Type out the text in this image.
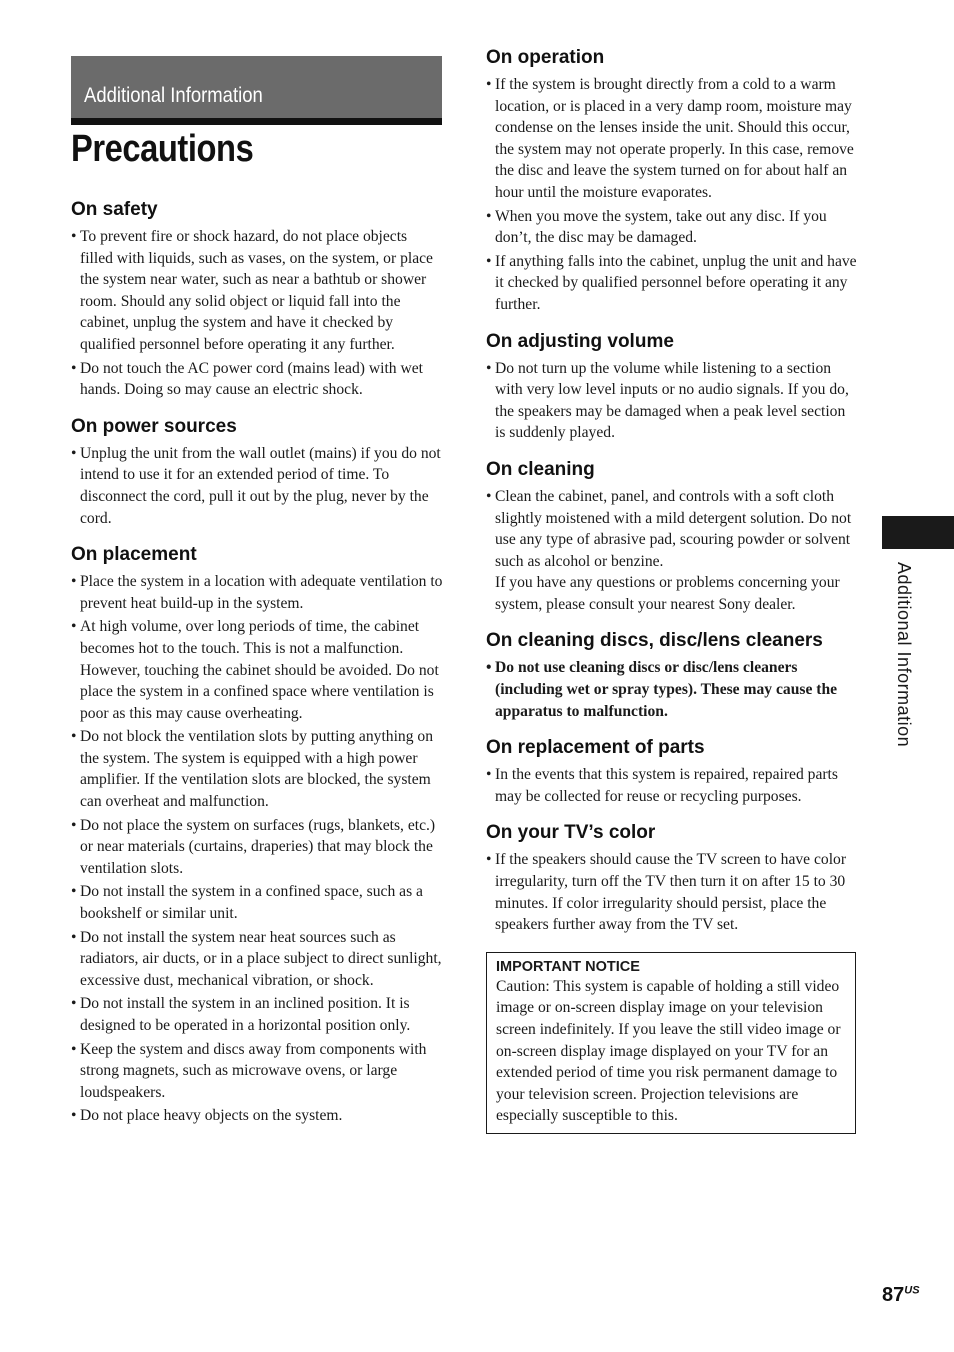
Additional Information
Precautions
On safety
• To prevent fire or shock hazard, do not place objects filled with liquids, such as vases, on the system, or place the system near water, such as near a bathtub or shower room. Should any solid object or liquid fall into the cabinet, unplug the system and have it checked by qualified personnel before operating it any further.
• Do not touch the AC power cord (mains lead) with wet hands. Doing so may cause an electric shock.
On power sources
• Unplug the unit from the wall outlet (mains) if you do not intend to use it for an extended period of time. To disconnect the cord, pull it out by the plug, never by the cord.
On placement
• Place the system in a location with adequate ventilation to prevent heat build-up in the system.
• At high volume, over long periods of time, the cabinet becomes hot to the touch. This is not a malfunction. However, touching the cabinet should be avoided. Do not place the system in a confined space where ventilation is poor as this may cause overheating.
• Do not block the ventilation slots by putting anything on the system. The system is equipped with a high power amplifier. If the ventilation slots are blocked, the system can overheat and malfunction.
• Do not place the system on surfaces (rugs, blankets, etc.) or near materials (curtains, draperies) that may block the ventilation slots.
• Do not install the system in a confined space, such as a bookshelf or similar unit.
• Do not install the system near heat sources such as radiators, air ducts, or in a place subject to direct sunlight, excessive dust, mechanical vibration, or shock.
• Do not install the system in an inclined position. It is designed to be operated in a horizontal position only.
• Keep the system and discs away from components with strong magnets, such as microwave ovens, or large loudspeakers.
• Do not place heavy objects on the system.
On operation
• If the system is brought directly from a cold to a warm location, or is placed in a very damp room, moisture may condense on the lenses inside the unit. Should this occur, the system may not operate properly. In this case, remove the disc and leave the system turned on for about half an hour until the moisture evaporates.
• When you move the system, take out any disc. If you don’t, the disc may be damaged.
• If anything falls into the cabinet, unplug the unit and have it checked by qualified personnel before operating it any further.
On adjusting volume
• Do not turn up the volume while listening to a section with very low level inputs or no audio signals. If you do, the speakers may be damaged when a peak level section is suddenly played.
On cleaning
• Clean the cabinet, panel, and controls with a soft cloth slightly moistened with a mild detergent solution. Do not use any type of abrasive pad, scouring powder or solvent such as alcohol or benzine.
If you have any questions or problems concerning your system, please consult your nearest Sony dealer.
On cleaning discs, disc/lens cleaners
• Do not use cleaning discs or disc/lens cleaners (including wet or spray types). These may cause the apparatus to malfunction.
On replacement of parts
• In the events that this system is repaired, repaired parts may be collected for reuse or recycling purposes.
On your TV’s color
• If the speakers should cause the TV screen to have color irregularity, turn off the TV then turn it on after 15 to 30 minutes. If color irregularity should persist, place the speakers further away from the TV set.
IMPORTANT NOTICE
Caution: This system is capable of holding a still video image or on-screen display image on your television screen indefinitely. If you leave the still video image or on-screen display image displayed on your TV for an extended period of time you risk permanent damage to your television screen. Projection televisions are especially susceptible to this.
Additional Information
$87^{US}$
